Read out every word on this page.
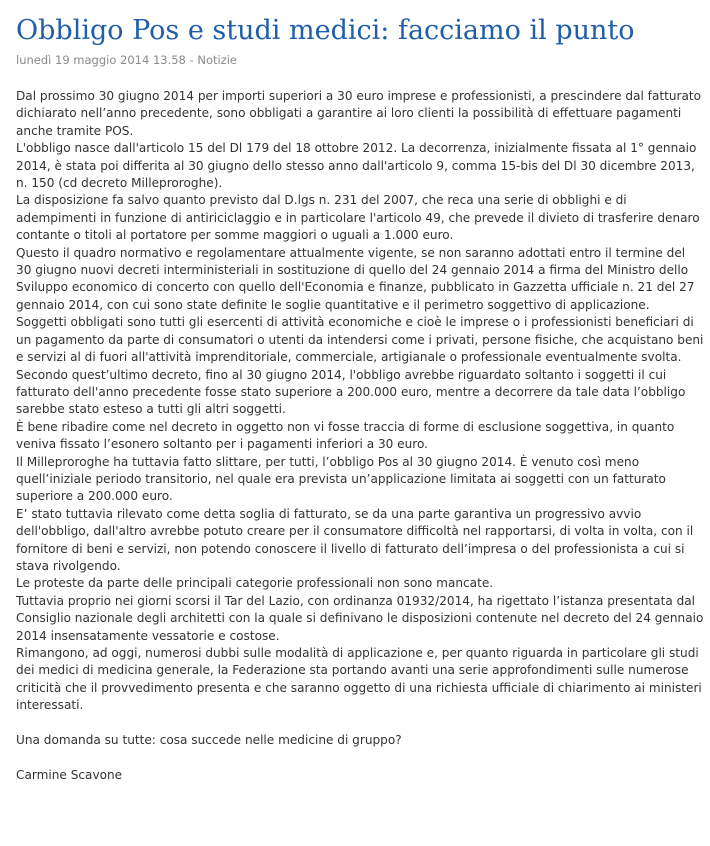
Obbligo Pos e studi medici: facciamo il punto
lunedì 19 maggio 2014 13.58 - Notizie

Dal prossimo 30 giugno 2014 per importi superiori a 30 euro imprese e professionisti, a prescindere dal fatturato dichiarato nell’anno precedente, sono obbligati a garantire ai loro clienti la possibilità di effettuare pagamenti anche tramite POS.

L'obbligo nasce dall'articolo 15 del Dl 179 del 18 ottobre 2012. La decorrenza, inizialmente fissata al 1° gennaio 2014, è stata poi differita al 30 giugno dello stesso anno dall'articolo 9, comma 15-bis del Dl 30 dicembre 2013, n. 150 (cd decreto Milleproroghe).

La disposizione fa salvo quanto previsto dal D.lgs n. 231 del 2007, che reca una serie di obblighi e di adempimenti in funzione di antiriciclaggio e in particolare l'articolo 49, che prevede il divieto di trasferire denaro contante o titoli al portatore per somme maggiori o uguali a 1.000 euro.

Questo il quadro normativo e regolamentare attualmente vigente, se non saranno adottati entro il termine del 30 giugno nuovi decreti interministeriali in sostituzione di quello del 24 gennaio 2014 a firma del Ministro dello Sviluppo economico di concerto con quello dell'Economia e finanze, pubblicato in Gazzetta ufficiale n. 21 del 27 gennaio 2014, con cui sono state definite le soglie quantitative e il perimetro soggettivo di applicazione.

Soggetti obbligati sono tutti gli esercenti di attività economiche e cioè le imprese o i professionisti beneficiari di un pagamento da parte di consumatori o utenti da intendersi come i privati, persone fisiche, che acquistano beni e servizi al di fuori all'attività imprenditoriale, commerciale, artigianale o professionale eventualmente svolta.

Secondo quest’ultimo decreto, fino al 30 giugno 2014, l'obbligo avrebbe riguardato soltanto i soggetti il cui fatturato dell'anno precedente fosse stato superiore a 200.000 euro, mentre a decorrere da tale data l’obbligo sarebbe stato esteso a tutti gli altri soggetti.

È bene ribadire come nel decreto in oggetto non vi fosse traccia di forme di esclusione soggettiva, in quanto veniva fissato l’esonero soltanto per i pagamenti inferiori a 30 euro.

Il Milleproroghe ha tuttavia fatto slittare, per tutti, l’obbligo Pos al 30 giugno 2014. È venuto così meno quell’iniziale periodo transitorio, nel quale era prevista un’applicazione limitata ai soggetti con un fatturato superiore a 200.000 euro.

E’ stato tuttavia rilevato come detta soglia di fatturato, se da una parte garantiva un progressivo avvio dell'obbligo, dall'altro avrebbe potuto creare per il consumatore difficoltà nel rapportarsi, di volta in volta, con il fornitore di beni e servizi, non potendo conoscere il livello di fatturato dell’impresa o del professionista a cui si stava rivolgendo.

Le proteste da parte delle principali categorie professionali non sono mancate.

Tuttavia proprio nei giorni scorsi il Tar del Lazio, con ordinanza 01932/2014, ha rigettato l’istanza presentata dal Consiglio nazionale degli architetti con la quale si definivano le disposizioni contenute nel decreto del 24 gennaio 2014 insensatamente vessatorie e costose.

Rimangono, ad oggi, numerosi dubbi sulle modalità di applicazione e, per quanto riguarda in particolare gli studi dei medici di medicina generale, la Federazione sta portando avanti una serie approfondimenti sulle numerose criticità che il provvedimento presenta e che saranno oggetto di una richiesta ufficiale di chiarimento ai ministeri interessati.

Una domanda su tutte: cosa succede nelle medicine di gruppo?

Carmine Scavone
